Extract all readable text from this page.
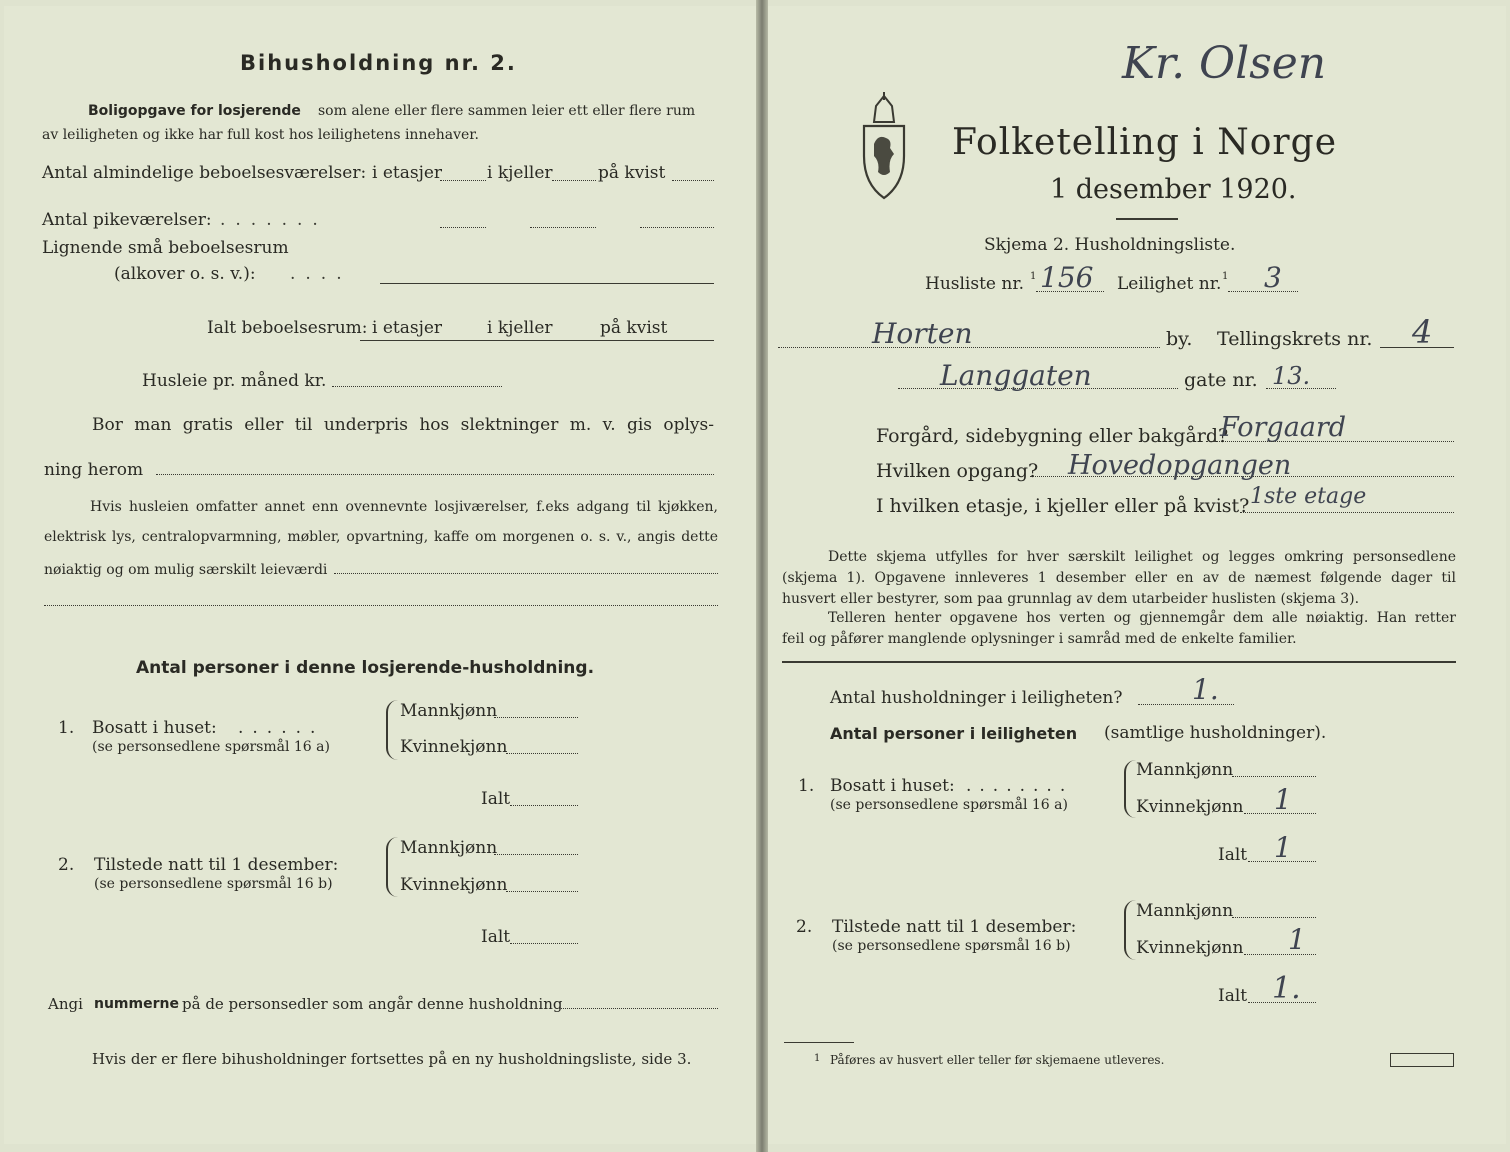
Bihusholdning nr. 2.
Boligopgave for losjerende som alene eller flere sammen leier ett eller flere rum
av leiligheten og ikke har full kost hos leilighetens innehaver.
Antal almindelige beboelsesværelser: i etasjer	i kjeller	på kvist
Antal pikeværelser: .......
Lignende små beboelsesrum
(alkover o. s. v.): ....
Ialt beboelsesrum: i etasjer	i kjeller	på kvist
Husleie pr. måned kr.
Bor man gratis eller til underpris hos slektninger m. v. gis oplys-
ning herom
Hvis husleien omfatter annet enn ovennevnte losjiværelser, f.eks adgang til kjøkken,
elektrisk lys, centralopvarmning, møbler, opvartning, kaffe om morgenen o. s. v., angis dette
nøiaktig og om mulig særskilt leieværdi
Antal personer i denne losjerende-husholdning.
1. Bosatt i huset: ......
(se personsedlene spørsmål 16 a)
Mannkjønn
Kvinnekjønn
Ialt
2. Tilstede natt til 1 desember:
(se personsedlene spørsmål 16 b)
Mannkjønn
Kvinnekjønn
Ialt
Angi nummerne på de personsedler som angår denne husholdning
Hvis der er flere bihusholdninger fortsettes på en ny husholdningsliste, side 3.
Kr. Olsen
Folketelling i Norge
1 desember 1920.
Skjema 2. Husholdningsliste.
Husliste nr. 1 156 Leilighet nr. 1 3
Horten	by. Tellingskrets nr. 4
Langgaten	gate nr. 13.
Forgård, sidebygning eller bakgård?
Forgaard
Hvilken opgang? Hovedopgangen
I hvilken etasje, i kjeller eller på kvist? 1ste etage
Dette skjema utfylles for hver særskilt leilighet og legges omkring personsedlene
(skjema 1). Opgavene innleveres 1 desember eller en av de næmest følgende dager til
husvert eller bestyrer, som paa grunnlag av dem utarbeider huslisten (skjema 3).
Telleren henter opgavene hos verten og gjennemgår dem alle nøiaktig. Han retter
feil og påfører manglende oplysninger i samråd med de enkelte familier.
Antal husholdninger i leiligheten? 1.
Antal personer i leiligheten (samtlige husholdninger).
1. Bosatt i huset: ........
(se personsedlene spørsmål 16 a)
Mannkjønn
Kvinnekjønn 1
Ialt 1
2. Tilstede natt til 1 desember:
(se personsedlene spørsmål 16 b)
Mannkjønn
Kvinnekjønn 1
Ialt 1.
1 Påføres av husvert eller teller før skjemaene utleveres.
